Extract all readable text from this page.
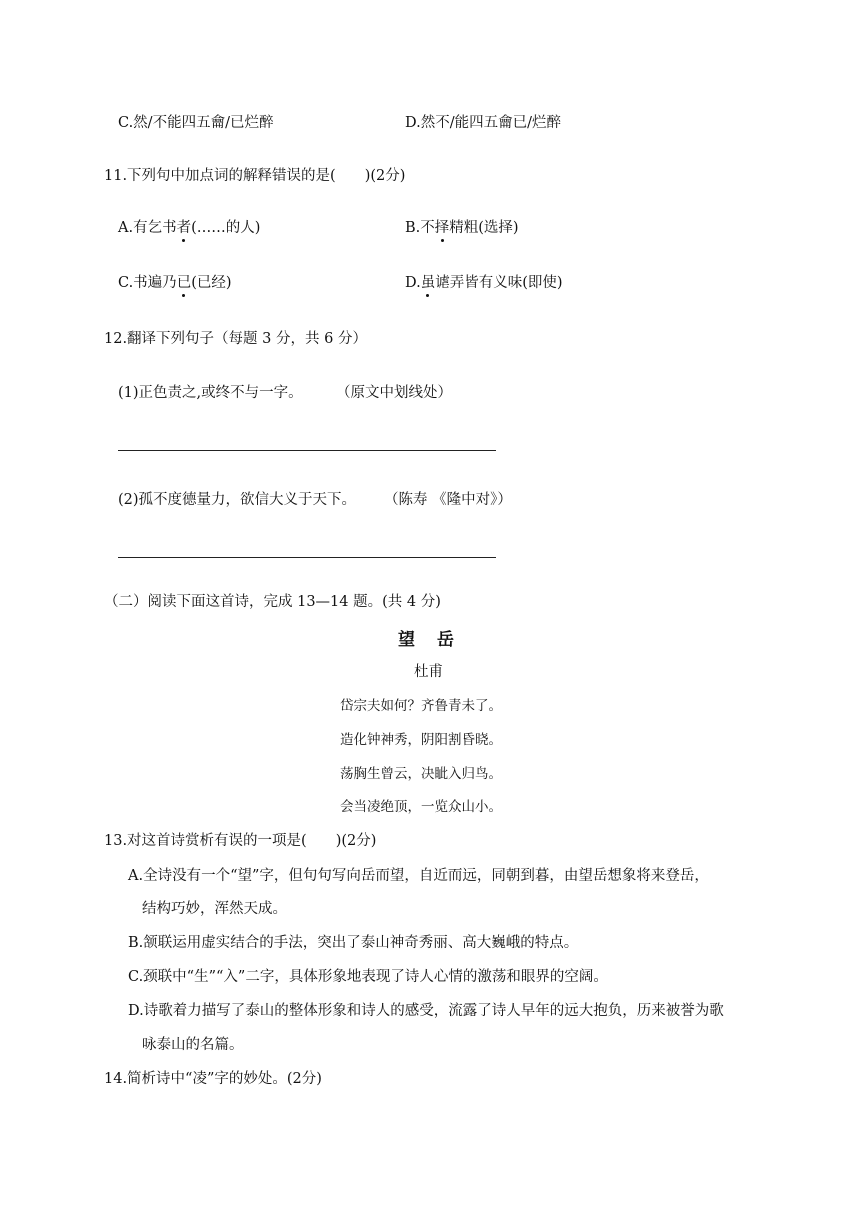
C.然/不能四五龠/已烂醉	D.然不/能四五龠已/烂醉
11.下列句中加点词的解释错误的是(　　)(2分)
A.有乞书者(……的人)	B.不择精粗(选择)
C.书遍乃已(已经)	D.虽谑弄皆有义味(即使)
12.翻译下列句子（每题 3 分，共 6 分）
(1)正色责之,或终不与一字。 （原文中划线处）
(2)孤不度德量力，欲信大义于天下。 （陈寿 《隆中对》）
（二）阅读下面这首诗，完成 13—14 题。(共 4 分)
望岳
杜甫
岱宗夫如何？齐鲁青未了。
造化钟神秀，阴阳割昏晓。
荡胸生曾云，决眦入归鸟。
会当凌绝顶，一览众山小。
13.对这首诗赏析有误的一项是(　　)(2分)
A.全诗没有一个“望”字，但句句写向岳而望，自近而远，同朝到暮，由望岳想象将来登岳，
结构巧妙，浑然天成。
B.颔联运用虚实结合的手法，突出了泰山神奇秀丽、高大巍峨的特点。
C.颈联中“生”“入”二字，具体形象地表现了诗人心情的激荡和眼界的空阔。
D.诗歌着力描写了泰山的整体形象和诗人的感受，流露了诗人早年的远大抱负，历来被誉为歌
咏泰山的名篇。
14.简析诗中“凌”字的妙处。(2分)
